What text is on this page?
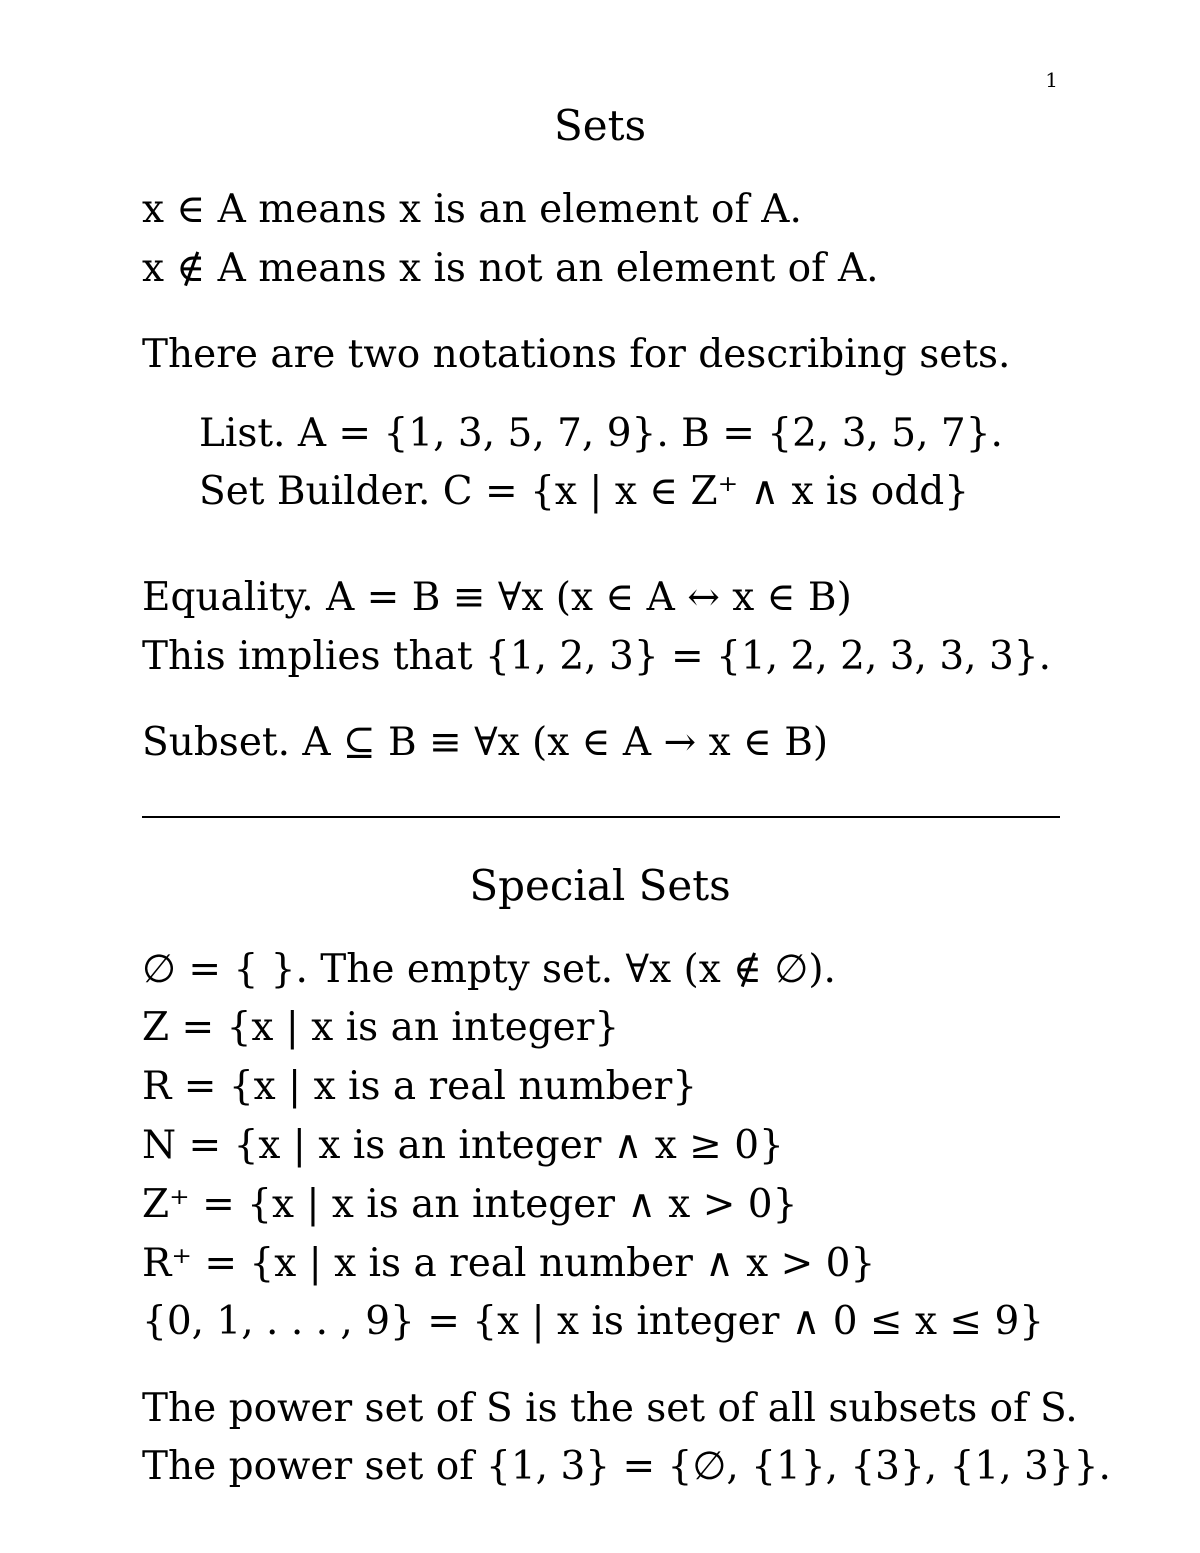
1
Sets
x ∈ A means x is an element of A.
x ∉ A means x is not an element of A.
There are two notations for describing sets.
List. A = {1, 3, 5, 7, 9}. B = {2, 3, 5, 7}.
Set Builder. C = {x | x ∈ Z⁺ ∧ x is odd}
Equality. A = B ≡ ∀x (x ∈ A ↔ x ∈ B)
This implies that {1, 2, 3} = {1, 2, 2, 3, 3, 3}.
Subset. A ⊆ B ≡ ∀x (x ∈ A → x ∈ B)
Special Sets
∅ = { }. The empty set. ∀x (x ∉ ∅).
Z = {x | x is an integer}
R = {x | x is a real number}
N = {x | x is an integer ∧ x ≥ 0}
Z⁺ = {x | x is an integer ∧ x > 0}
R⁺ = {x | x is a real number ∧ x > 0}
{0, 1, . . . , 9} = {x | x is integer ∧ 0 ≤ x ≤ 9}
The power set of S is the set of all subsets of S.
The power set of {1, 3} = {∅, {1}, {3}, {1, 3}}.
